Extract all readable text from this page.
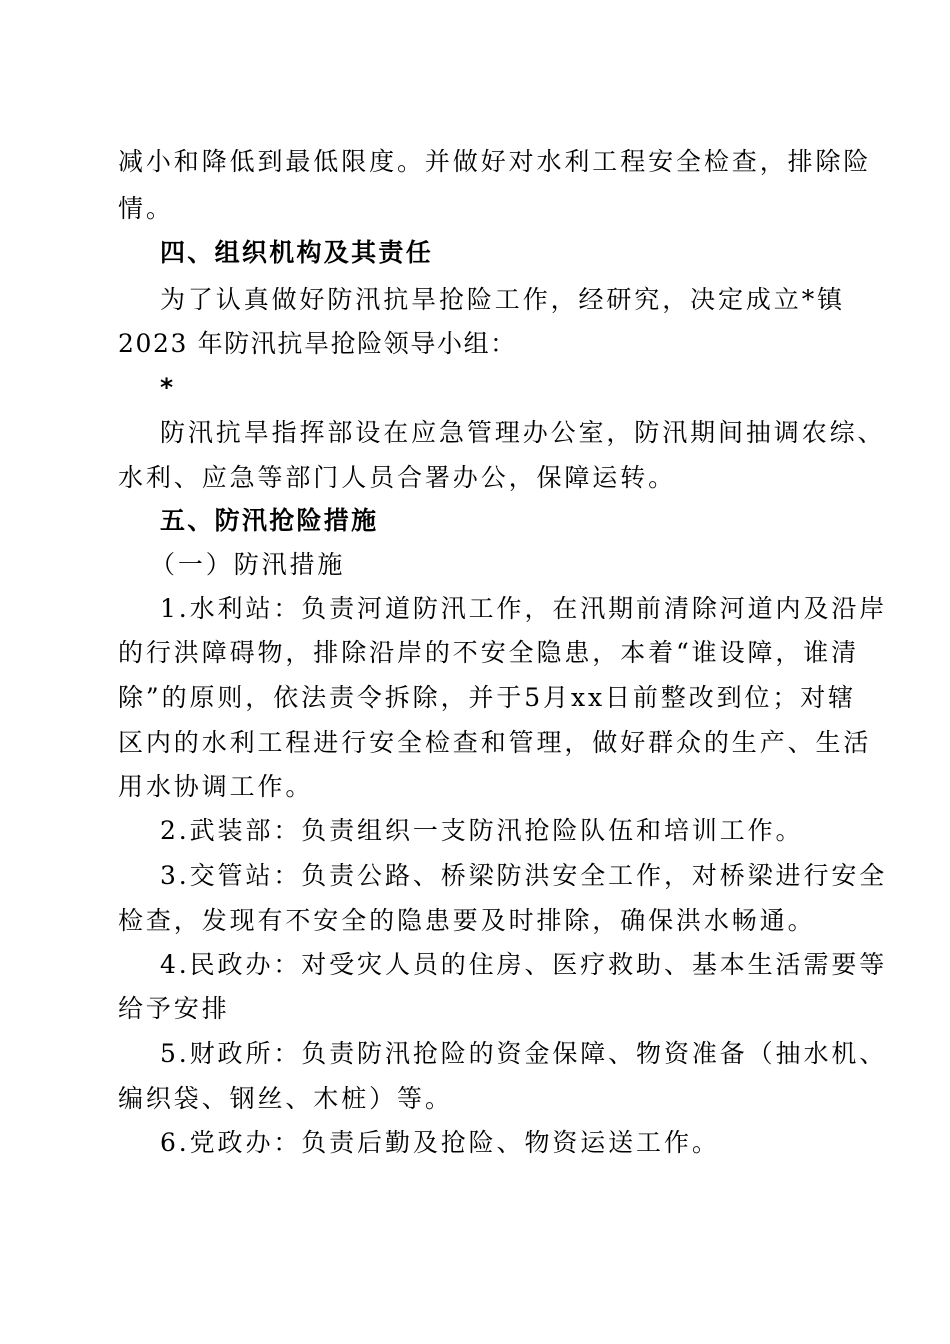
减小和降低到最低限度。并做好对水利工程安全检查，排除险
情。
四、组织机构及其责任
为了认真做好防汛抗旱抢险工作，经研究，决定成立*镇
2023 年防汛抗旱抢险领导小组：
*
防汛抗旱指挥部设在应急管理办公室，防汛期间抽调农综、
水利、应急等部门人员合署办公，保障运转。
五、防汛抢险措施
（一）防汛措施
1.水利站：负责河道防汛工作，在汛期前清除河道内及沿岸
的行洪障碍物，排除沿岸的不安全隐患，本着“谁设障，谁清
除”的原则，依法责令拆除，并于5月xx日前整改到位；对辖
区内的水利工程进行安全检查和管理，做好群众的生产、生活
用水协调工作。
2.武装部：负责组织一支防汛抢险队伍和培训工作。
3.交管站：负责公路、桥梁防洪安全工作，对桥梁进行安全
检查，发现有不安全的隐患要及时排除，确保洪水畅通。
4.民政办：对受灾人员的住房、医疗救助、基本生活需要等
给予安排
5.财政所：负责防汛抢险的资金保障、物资准备（抽水机、
编织袋、钢丝、木桩）等。
6.党政办：负责后勤及抢险、物资运送工作。
